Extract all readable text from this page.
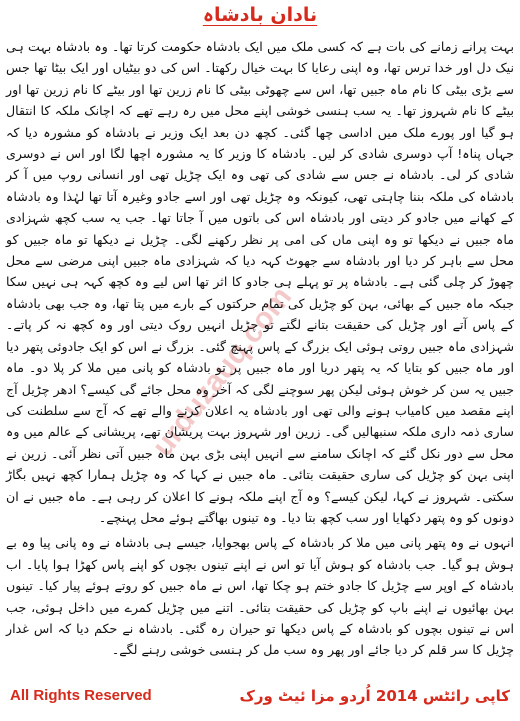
نادان بادشاہ
urduzauq.com

بہت پرانے زمانے کی بات ہے کہ کسی ملک میں ایک بادشاہ حکومت کرتا تھا۔ وہ بادشاہ بہت ہی نیک دل اور خدا ترس تھا، وہ اپنی رعایا کا بہت خیال رکھتا۔ اس کی دو بیٹیاں اور ایک بیٹا تھا جس سے بڑی بیٹی کا نام ماہ جبیں تھا، اس سے چھوٹی بیٹی کا نام زرین تھا اور بیٹے کا نام زرین تھا اور بیٹے کا نام شہروز تھا۔ یہ سب ہنسی خوشی اپنے محل میں رہ رہے تھے کہ اچانک ملکہ کا انتقال ہو گیا اور پورے ملک میں اداسی چھا گئی۔ کچھ دن بعد ایک وزیر نے بادشاہ کو مشورہ دیا کہ جہاں پناہ! آپ دوسری شادی کر لیں۔ بادشاہ کا وزیر کا یہ مشورہ اچھا لگا اور اس نے دوسری شادی کر لی۔ بادشاہ نے جس سے شادی کی تھی وہ ایک چڑیل تھی اور انسانی روپ میں آ کر بادشاہ کی ملکہ بننا چاہتی تھی، کیونکہ وہ چڑیل تھی اور اسے جادو وغیرہ آتا تھا لہٰذا وہ بادشاہ کے کھانے میں جادو کر دیتی اور بادشاہ اس کی باتوں میں آ جاتا تھا۔ جب یہ سب کچھ شہزادی ماہ جبیں نے دیکھا تو وہ اپنی ماں کی امی پر نظر رکھنے لگی۔ چڑیل نے دیکھا تو ماہ جبیں کو محل سے باہر کر دیا اور بادشاہ سے جھوٹ کہہ دیا کہ شہزادی ماہ جبیں اپنی مرضی سے محل چھوڑ کر چلی گئی ہے۔ بادشاہ پر تو پہلے ہی جادو کا اثر تھا اس لیے وہ کچھ کہہ ہی نہیں سکا جبکہ ماہ جبیں کے بھائی، بہن کو چڑیل کی تمام حرکتوں کے بارے میں پتا تھا، وہ جب بھی بادشاہ کے پاس آتے اور چڑیل کی حقیقت بتانے لگتے تو چڑیل انہیں روک دیتی اور وہ کچھ نہ کر پاتے۔ شہزادی ماہ جبیں روتی ہوئی ایک بزرگ کے پاس پہنچ گئی۔ بزرگ نے اس کو ایک جادوئی پتھر دیا اور ماہ جبیں کو بتایا کہ یہ پتھر دریا اور ماہ جبیں پر تو بادشاہ کو پانی میں ملا کر پلا دو۔ ماہ جبیں یہ سن کر خوش ہوئی لیکن پھر سوچنے لگی کہ آخر وہ محل جائے گی کیسے؟ ادھر چڑیل آج اپنے مقصد میں کامیاب ہونے والی تھی اور بادشاہ یہ اعلان کرنے والے تھے کہ آج سے سلطنت کی ساری ذمہ داری ملکہ سنبھالیں گی۔ زرین اور شہروز بہت پریشان تھے، پریشانی کے عالم میں وہ محل سے دور نکل گئے کہ اچانک سامنے سے انہیں اپنی بڑی بہن ماہ جبیں آتی نظر آئی۔ زرین نے اپنی بہن کو چڑیل کی ساری حقیقت بتائی۔ ماہ جبیں نے کہا کہ وہ چڑیل ہمارا کچھ نہیں بگاڑ سکتی۔ شہروز نے کہا، لیکن کیسے؟ وہ آج اپنے ملکہ ہونے کا اعلان کر رہی ہے۔ ماہ جبیں نے ان دونوں کو وہ پتھر دکھایا اور سب کچھ بتا دیا۔ وہ تینوں بھاگتے ہوئے محل پہنچے۔

انہوں نے وہ پتھر پانی میں ملا کر بادشاہ کے پاس بھجوایا، جیسے ہی بادشاہ نے وہ پانی پیا وہ بے ہوش ہو گیا۔ جب بادشاہ کو ہوش آیا تو اس نے اپنے تینوں بچوں کو اپنے پاس کھڑا ہوا پایا۔ اب بادشاہ کے اوپر سے چڑیل کا جادو ختم ہو چکا تھا، اس نے ماہ جبیں کو روتے ہوئے پیار کیا۔ تینوں بہن بھائیوں نے اپنے باپ کو چڑیل کی حقیقت بتائی۔ اتنے میں چڑیل کمرے میں داخل ہوئی، جب اس نے تینوں بچوں کو بادشاہ کے پاس دیکھا تو حیران رہ گئی۔ بادشاہ نے حکم دیا کہ اس غدار چڑیل کا سر قلم کر دیا جائے اور پھر وہ سب مل کر ہنسی خوشی رہنے لگے۔

All Rights Reserved	کاپی رائٹس 2014 اُردو مزا ئیٹ ورک
